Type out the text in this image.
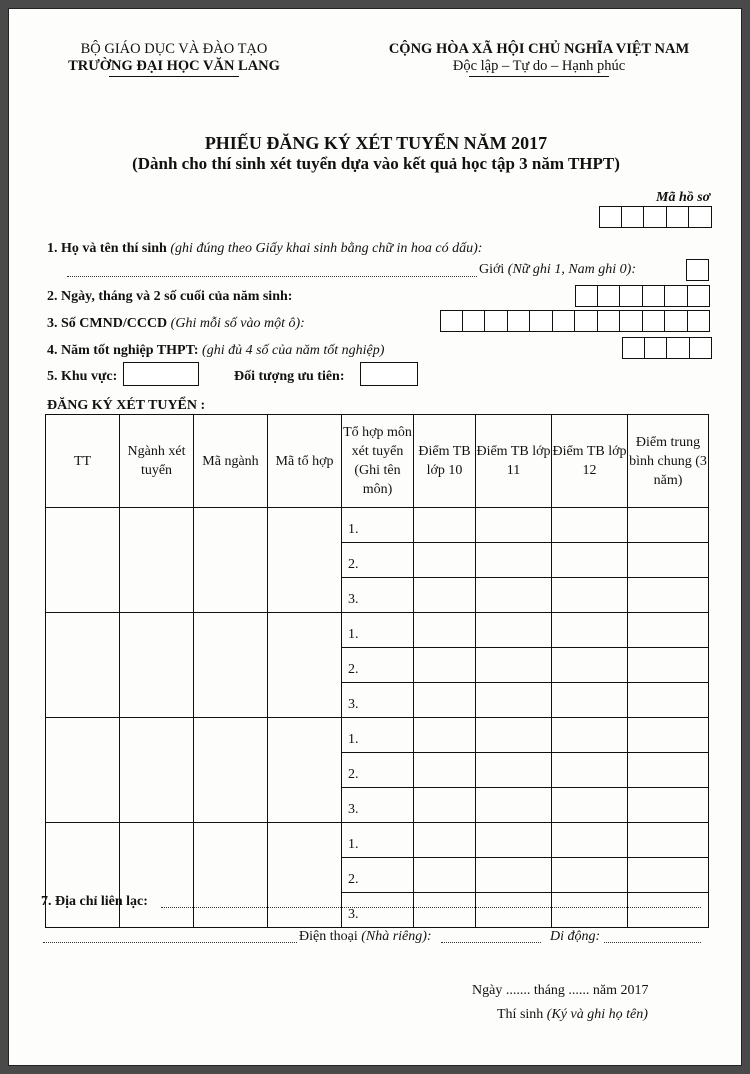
BỘ GIÁO DỤC VÀ ĐÀO TẠO
TRƯỜNG ĐẠI HỌC VĂN LANG
CỘNG HÒA XÃ HỘI CHỦ NGHĨA VIỆT NAM
Độc lập – Tự do – Hạnh phúc
PHIẾU ĐĂNG KÝ XÉT TUYỂN NĂM 2017
(Dành cho thí sinh xét tuyển dựa vào kết quả học tập 3 năm THPT)
Mã hồ sơ
1. Họ và tên thí sinh (ghi đúng theo Giấy khai sinh bằng chữ in hoa có dấu):
Giới (Nữ ghi 1, Nam ghi 0):
2. Ngày, tháng và 2 số cuối của năm sinh:
3. Số CMND/CCCD (Ghi mỗi số vào một ô):
4. Năm tốt nghiệp THPT: (ghi đủ 4 số của năm tốt nghiệp)
5. Khu vực:	Đối tượng ưu tiên:
ĐĂNG KÝ XÉT TUYỂN :
TT	Ngành xét tuyển	Mã ngành	Mã tổ hợp	Tổ hợp môn xét tuyển (Ghi tên môn)	Điểm TB lớp 10	Điểm TB lớp 11	Điểm TB lớp 12	Điểm trung bình chung (3 năm)
				1.				
				2.				
				3.				
				1.				
				2.				
				3.				
				1.				
				2.				
				3.				
				1.				
				2.				
				3.				
7. Địa chỉ liên lạc:
Điện thoại (Nhà riêng):	Di động:
Ngày ....... tháng ...... năm 2017
Thí sinh (Ký và ghi họ tên)
